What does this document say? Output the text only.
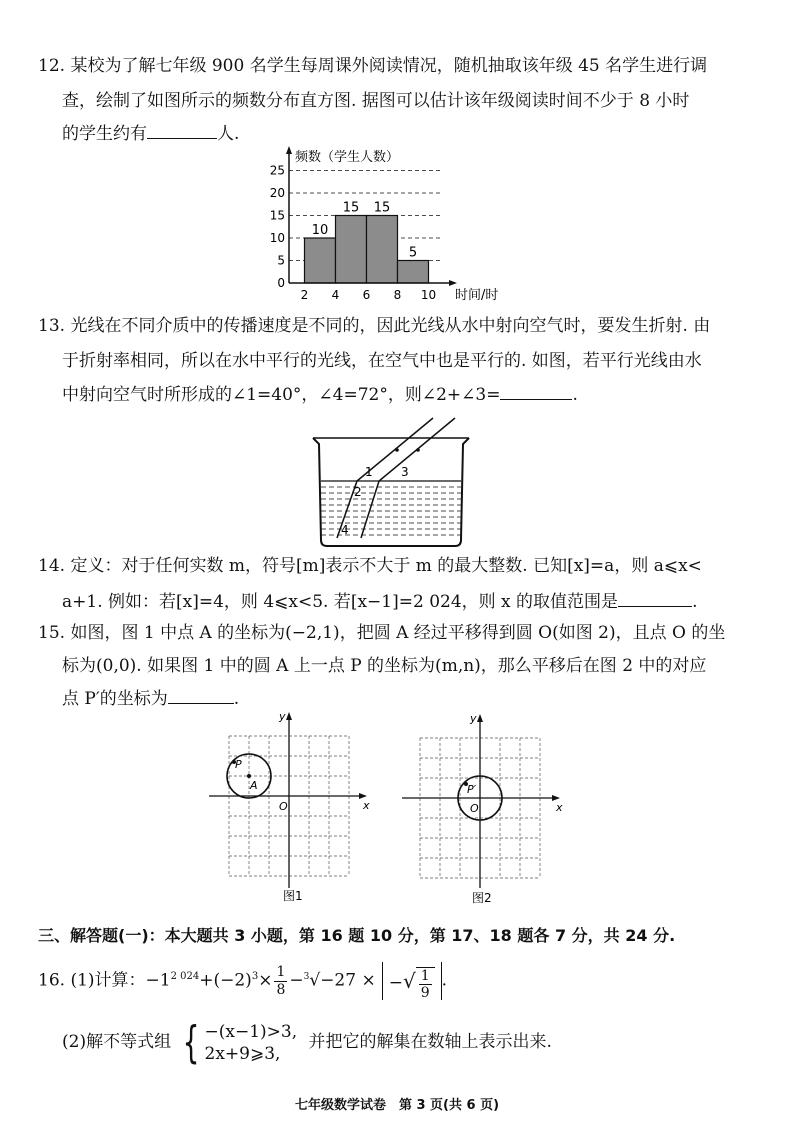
12. 某校为了解七年级 900 名学生每周课外阅读情况，随机抽取该年级 45 名学生进行调
查，绘制了如图所示的频数分布直方图. 据图可以估计该年级阅读时间不少于 8 小时
的学生约有	人.
频数（学生人数）
时间/时
0
5
10
15
20
25
2 4 6 8 10
10
15 15
5
13. 光线在不同介质中的传播速度是不同的，因此光线从水中射向空气时，要发生折射. 由
于折射率相同，所以在水中平行的光线，在空气中也是平行的. 如图，若平行光线由水
中射向空气时所形成的∠1=40°，∠4=72°，则∠2+∠3=	.
1
2
3
4
14. 定义：对于任何实数 m，符号[m]表示不大于 m 的最大整数. 已知[x]=a，则 a⩽x<
a+1. 例如：若[x]=4，则 4⩽x<5. 若[x−1]=2 024，则 x 的取值范围是	.
15. 如图，图 1 中点 A 的坐标为(−2,1)，把圆 A 经过平移得到圆 O(如图 2)，且点 O 的坐
标为(0,0). 如果图 1 中的圆 A 上一点 P 的坐标为(m,n)，那么平移后在图 2 中的对应
点 P′的坐标为	.
P
A
O	x
y
图1
P′
O	x
y
图2
三、解答题(一)：本大题共 3 小题，第 16 题 10 分，第 17、18 题各 7 分，共 24 分.
16. (1)计算：$-1^{2 024}+(-2)^3\times \frac{1}{8} -^3√-27$ × −√ $\frac{1}{9}$ .
(2)解不等式组 { −(x−1)>3,
2x+9⩾3,
并把它的解集在数轴上表示出来.
七年级数学试卷　第 3 页(共 6 页)
